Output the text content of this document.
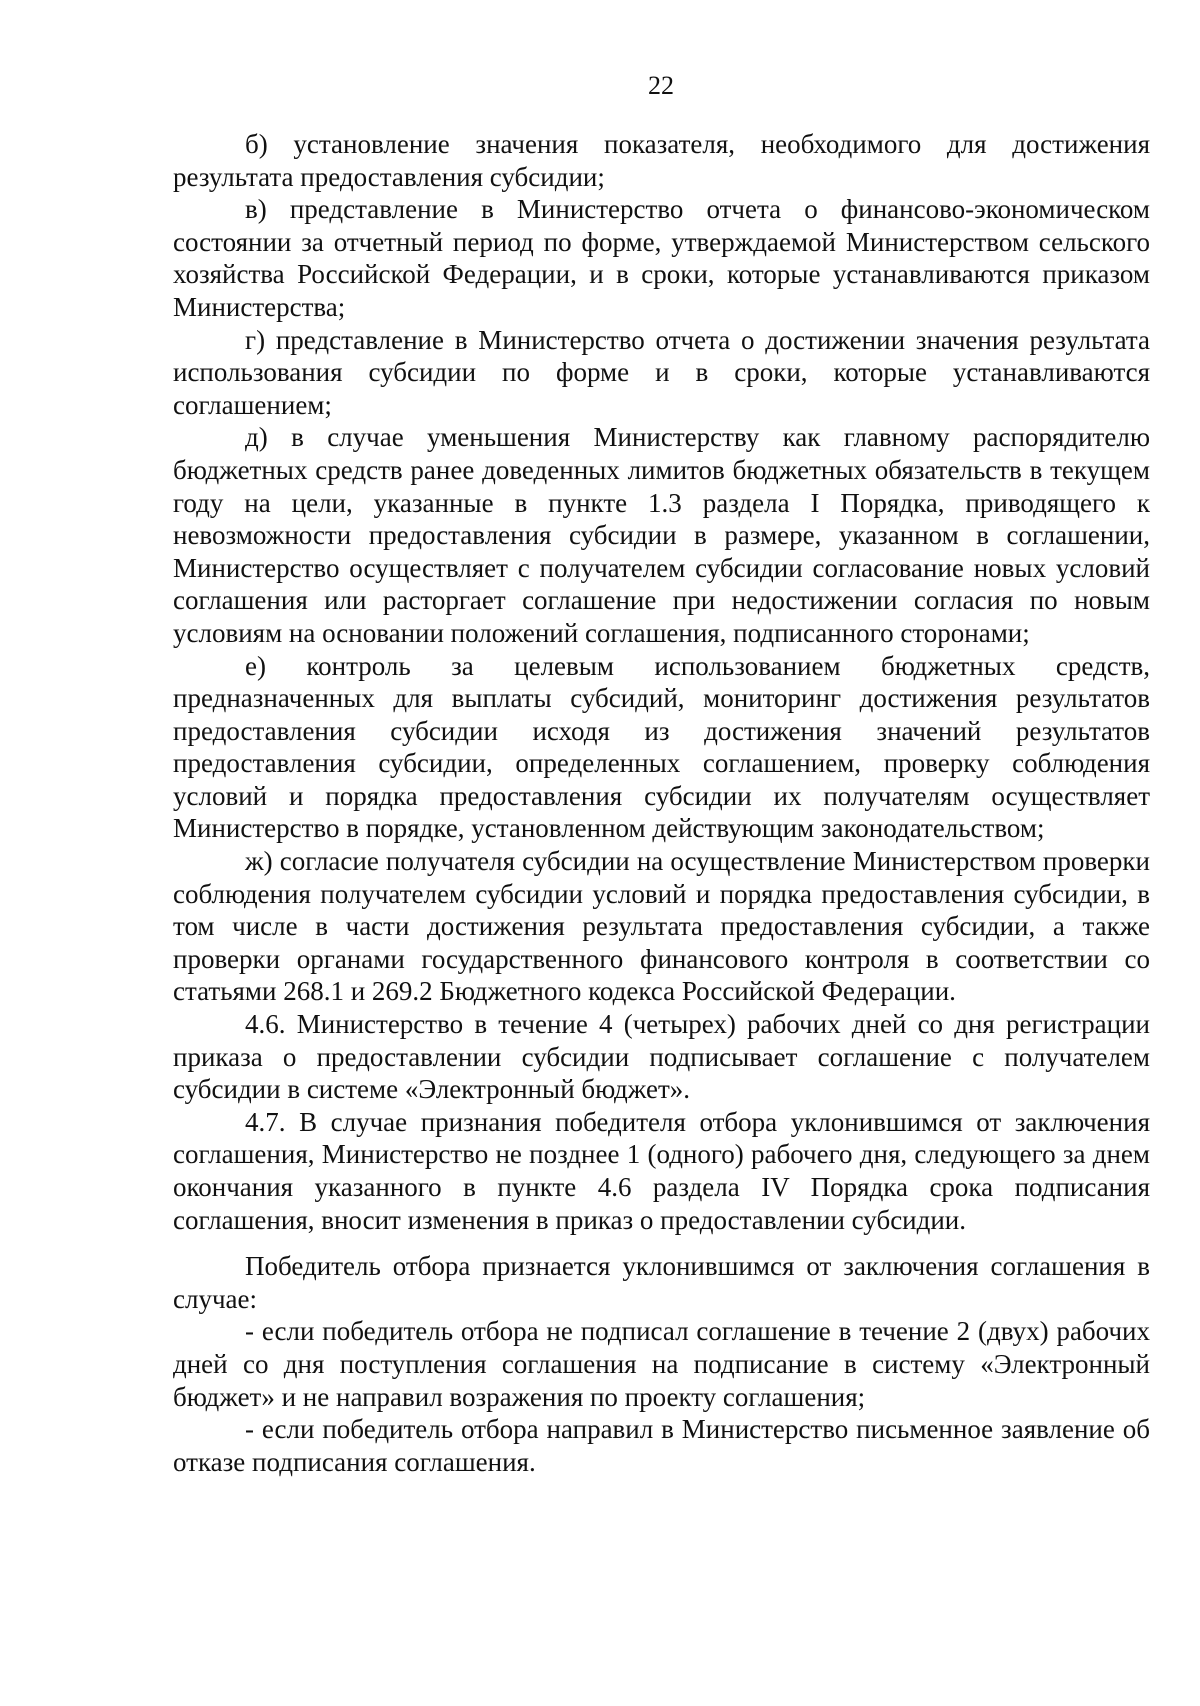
22

б) установление значения показателя, необходимого для достижения результата предоставления субсидии;

в) представление в Министерство отчета о финансово-экономическом состоянии за отчетный период по форме, утверждаемой Министерством сельского хозяйства Российской Федерации, и в сроки, которые устанавливаются приказом Министерства;

г) представление в Министерство отчета о достижении значения результата использования субсидии по форме и в сроки, которые устанавливаются соглашением;

д) в случае уменьшения Министерству как главному распорядителю бюджетных средств ранее доведенных лимитов бюджетных обязательств в текущем году на цели, указанные в пункте 1.3 раздела I Порядка, приводящего к невозможности предоставления субсидии в размере, указанном в соглашении, Министерство осуществляет с получателем субсидии согласование новых условий соглашения или расторгает соглашение при недостижении согласия по новым условиям на основании положений соглашения, подписанного сторонами;

е) контроль за целевым использованием бюджетных средств, предназначенных для выплаты субсидий, мониторинг достижения результатов предоставления субсидии исходя из достижения значений результатов предоставления субсидии, определенных соглашением, проверку соблюдения условий и порядка предоставления субсидии их получателям осуществляет Министерство в порядке, установленном действующим законодательством;

ж) согласие получателя субсидии на осуществление Министерством проверки соблюдения получателем субсидии условий и порядка предоставления субсидии, в том числе в части достижения результата предоставления субсидии, а также проверки органами государственного финансового контроля в соответствии со статьями 268.1 и 269.2 Бюджетного кодекса Российской Федерации.

4.6. Министерство в течение 4 (четырех) рабочих дней со дня регистрации приказа о предоставлении субсидии подписывает соглашение с получателем субсидии в системе «Электронный бюджет».

4.7. В случае признания победителя отбора уклонившимся от заключения соглашения, Министерство не позднее 1 (одного) рабочего дня, следующего за днем окончания указанного в пункте 4.6 раздела IV Порядка срока подписания соглашения, вносит изменения в приказ о предоставлении субсидии.

Победитель отбора признается уклонившимся от заключения соглашения в случае:

- если победитель отбора не подписал соглашение в течение 2 (двух) рабочих дней со дня поступления соглашения на подписание в систему «Электронный бюджет» и не направил возражения по проекту соглашения;

- если победитель отбора направил в Министерство письменное заявление об отказе подписания соглашения.
